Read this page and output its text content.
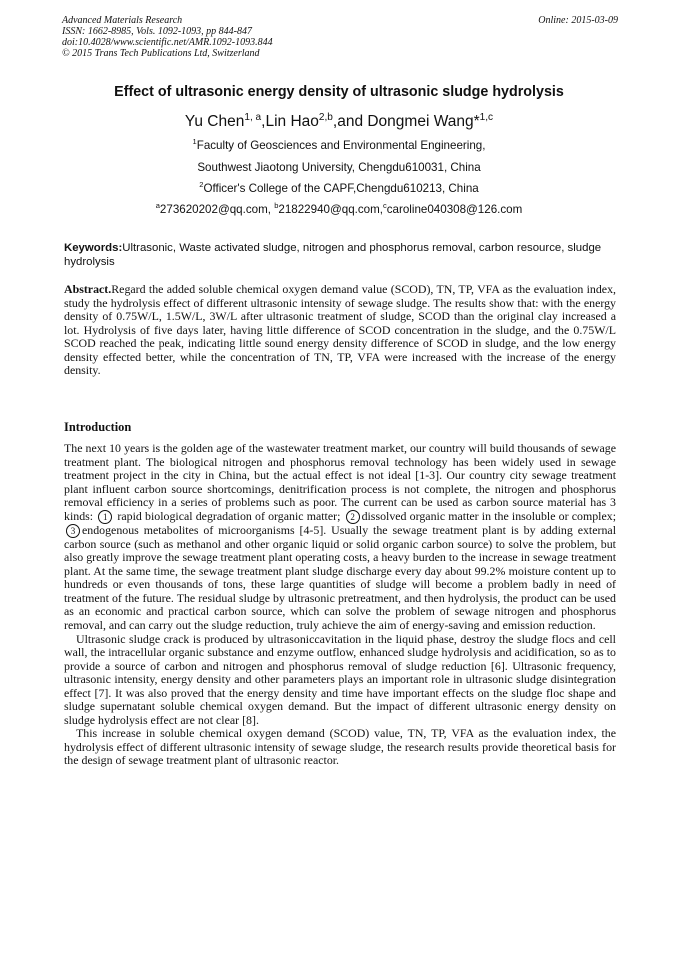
Advanced Materials Research
ISSN: 1662-8985, Vols. 1092-1093, pp 844-847
doi:10.4028/www.scientific.net/AMR.1092-1093.844
© 2015 Trans Tech Publications Ltd, Switzerland
Online: 2015-03-09
Effect of ultrasonic energy density of ultrasonic sludge hydrolysis
Yu Chen$^{1, a}$,Lin Hao$^{2,b}$,and Dongmei Wang*$^{1,c}$
$^1$Faculty of Geosciences and Environmental Engineering,
Southwest Jiaotong University, Chengdu610031, China
$^2$Officer's College of the CAPF,Chengdu610213, China
$^a$273620202@qq.com, $^b$21822940@qq.com,$^c$caroline040308@126.com
Keywords:Ultrasonic, Waste activated sludge, nitrogen and phosphorus removal, carbon resource, sludge hydrolysis

Abstract.Regard the added soluble chemical oxygen demand value (SCOD), TN, TP, VFA as the evaluation index, study the hydrolysis effect of different ultrasonic intensity of sewage sludge. The results show that: with the energy density of 0.75W/L, 1.5W/L, 3W/L after ultrasonic treatment of sludge, SCOD than the original clay increased a lot. Hydrolysis of five days later, having little difference of SCOD concentration in the sludge, and the 0.75W/L SCOD reached the peak, indicating little sound energy density difference of SCOD in sludge, and the low energy density effected better, while the concentration of TN, TP, VFA were increased with the increase of the energy density.

Introduction

The next 10 years is the golden age of the wastewater treatment market, our country will build thousands of sewage treatment plant. The biological nitrogen and phosphorus removal technology has been widely used in sewage treatment project in the city in China, but the actual effect is not ideal [1-3]. Our country city sewage treatment plant influent carbon source shortcomings, denitrification process is not complete, the nitrogen and phosphorus removal efficiency in a series of problems such as poor. The current can be used as carbon source material has 3 kinds: 1 rapid biological degradation of organic matter; 2 dissolved organic matter in the insoluble or complex; 3 endogenous metabolites of microorganisms [4-5]. Usually the sewage treatment plant is by adding external carbon source (such as methanol and other organic liquid or solid organic carbon source) to solve the problem, but also greatly improve the sewage treatment plant operating costs, a heavy burden to the increase in sewage treatment plant. At the same time, the sewage treatment plant sludge discharge every day about 99.2% moisture content up to hundreds or even thousands of tons, these large quantities of sludge will become a problem badly in need of treatment of the future. The residual sludge by ultrasonic pretreatment, and then hydrolysis, the product can be used as an economic and practical carbon source, which can solve the problem of sewage nitrogen and phosphorus removal, and can carry out the sludge reduction, truly achieve the aim of energy-saving and emission reduction.

Ultrasonic sludge crack is produced by ultrasoniccavitation in the liquid phase, destroy the sludge flocs and cell wall, the intracellular organic substance and enzyme outflow, enhanced sludge hydrolysis and acidification, so as to provide a source of carbon and nitrogen and phosphorus removal of sludge reduction [6]. Ultrasonic frequency, ultrasonic intensity, energy density and other parameters plays an important role in ultrasonic sludge disintegration effect [7]. It was also proved that the energy density and time have important effects on the sludge floc shape and sludge supernatant soluble chemical oxygen demand. But the impact of different ultrasonic energy density on sludge hydrolysis effect are not clear [8].

This increase in soluble chemical oxygen demand (SCOD) value, TN, TP, VFA as the evaluation index, the hydrolysis effect of different ultrasonic intensity of sewage sludge, the research results provide theoretical basis for the design of sewage treatment plant of ultrasonic reactor.
